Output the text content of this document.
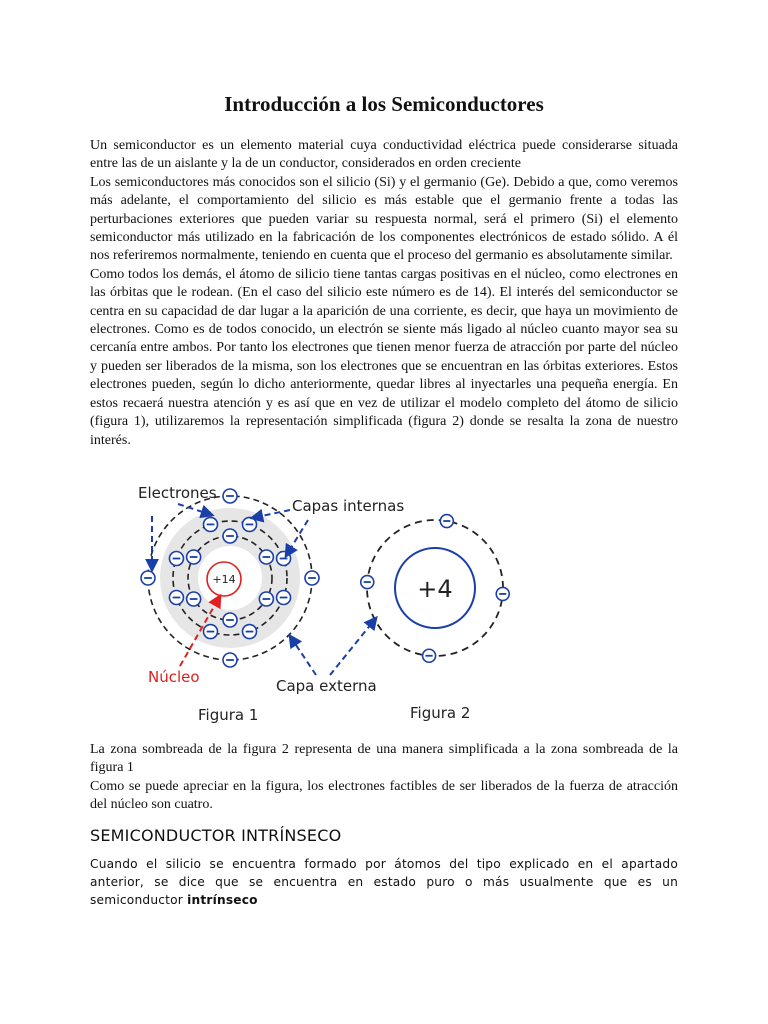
Introducción a los Semiconductores

Un semiconductor es un elemento material cuya conductividad eléctrica puede considerarse situada entre las de un aislante y la de un conductor, considerados en orden creciente

Los semiconductores más conocidos son el silicio (Si) y el germanio (Ge). Debido a que, como veremos más adelante, el comportamiento del silicio es más estable que el germanio frente a todas las perturbaciones exteriores que pueden variar su respuesta normal, será el primero (Si) el elemento semiconductor más utilizado en la fabricación de los componentes electrónicos de estado sólido. A él nos referiremos normalmente, teniendo en cuenta que el proceso del germanio es absolutamente similar.

Como todos los demás, el átomo de silicio tiene tantas cargas positivas en el núcleo, como electrones en las órbitas que le rodean. (En el caso del silicio este número es de 14). El interés del semiconductor se centra en su capacidad de dar lugar a la aparición de una corriente, es decir, que haya un movimiento de electrones. Como es de todos conocido, un electrón se siente más ligado al núcleo cuanto mayor sea su cercanía entre ambos. Por tanto los electrones que tienen menor fuerza de atracción por parte del núcleo y pueden ser liberados de la misma, son los electrones que se encuentran en las órbitas exteriores. Estos electrones pueden, según lo dicho anteriormente, quedar libres al inyectarles una pequeña energía. En estos recaerá nuestra atención y es así que en vez de utilizar el modelo completo del átomo de silicio (figura 1), utilizaremos la representación simplificada (figura 2) donde se resalta la zona de nuestro interés.

+14	+4
Electrones
Capas internas
Núcleo	Capa externa
Figura 1	Figura 2

La zona sombreada de la figura 2 representa de una manera simplificada a la zona sombreada de la figura 1

Como se puede apreciar en la figura, los electrones factibles de ser liberados de la fuerza de atracción del núcleo son cuatro.

SEMICONDUCTOR INTRÍNSECO

Cuando el silicio se encuentra formado por átomos del tipo explicado en el apartado anterior, se dice que se encuentra en estado puro o más usualmente que es un semiconductor intrínseco
